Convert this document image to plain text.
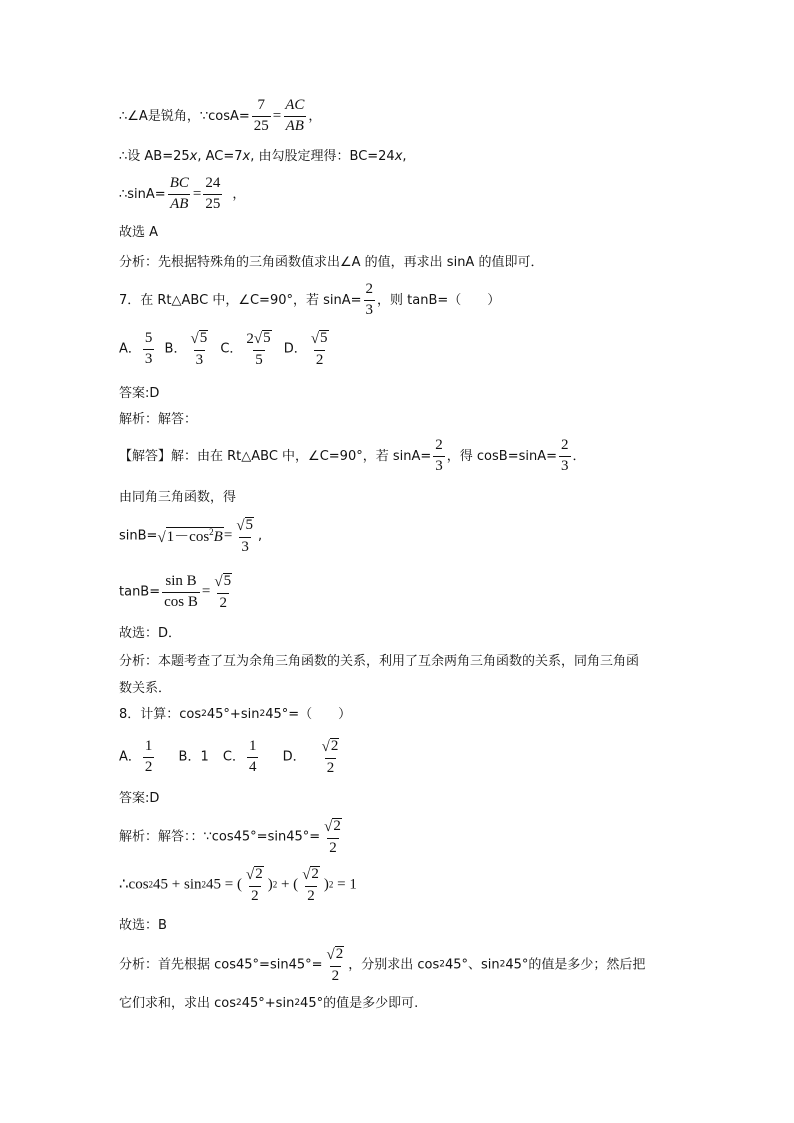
∴∠A是锐角，∵cosA= $\frac{7}{25} = \frac{AC}{AB}$ ，
∴设 AB=25x, AC=7x, 由勾股定理得：BC=24x,
∴sinA= $\frac{BC}{AB} = \frac{24}{25}$ ，
故选 A
分析：先根据特殊角的三角函数值求出∠A 的值，再求出 sinA 的值即可．
7．在 Rt△ABC 中，∠C=90°，若 $\sin A= \frac{2}{3}$ ，则 tanB=（　　）
A． $\frac{5}{3}$ B． $\frac{√ 5}{3}$ C． $\frac{2 √ 5}{5}$ D． $\frac{√ 5}{2}$
答案:D
解析：解答：
【解答】解：由在 Rt△ABC 中，∠C=90°，若 $\sin A= \frac{2}{3}$ ，得 $\cos B=\sin A= \frac{2}{3}$ ．
由同角三角函数，得
sinB= √ $1-\cos^2B = \frac{√ 5}{3}$ ,
$\tan B= \frac{\text{sin B}}{\text{cos B}} = \frac{√ 5}{2}$
故选：D．
分析：本题考查了互为余角三角函数的关系，利用了互余两角三角函数的关系，同角三角函
数关系．
8．计算：cos245°+sin245°=（　　）
A． $\frac{1}{2}$ B．1 C． $\frac{1}{4}$ D． $\frac{√ 2}{2}$
答案:D
解析：解答：：∵cos45°=sin45°= $\frac{√ 2}{2}$
∴cos245 + sin245 = ( $\frac{√ 2}{2} )2$ + ( $\frac{√ 2}{2} )2 = 1$
故选：B
分析：首先根据 $\cos 45^\circ=\sin 45^\circ= \frac{√ 2}{2}$ ，分别求出 cos245°、sin245°的值是多少；然后把
它们求和，求出 cos245°+sin245°的值是多少即可.
